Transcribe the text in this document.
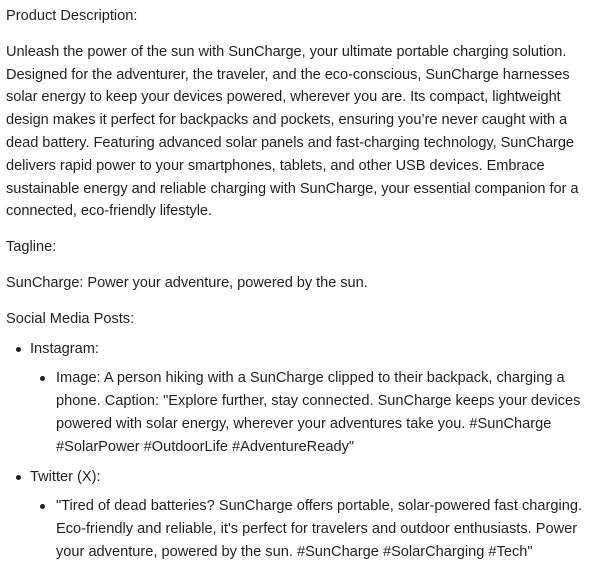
Product Description:

Unleash the power of the sun with SunCharge, your ultimate portable charging solution. Designed for the adventurer, the traveler, and the eco-conscious, SunCharge harnesses solar energy to keep your devices powered, wherever you are. Its compact, lightweight design makes it perfect for backpacks and pockets, ensuring you’re never caught with a dead battery. Featuring advanced solar panels and fast-charging technology, SunCharge delivers rapid power to your smartphones, tablets, and other USB devices. Embrace sustainable energy and reliable charging with SunCharge, your essential companion for a connected, eco-friendly lifestyle.

Tagline:

SunCharge: Power your adventure, powered by the sun.

Social Media Posts:

Instagram:
Image: A person hiking with a SunCharge clipped to their backpack, charging a phone. Caption: "Explore further, stay connected. SunCharge keeps your devices powered with solar energy, wherever your adventures take you. #SunCharge #SolarPower #OutdoorLife #AdventureReady"
Twitter (X):
"Tired of dead batteries? SunCharge offers portable, solar-powered fast charging. Eco-friendly and reliable, it's perfect for travelers and outdoor enthusiasts. Power your adventure, powered by the sun. #SunCharge #SolarCharging #Tech"
